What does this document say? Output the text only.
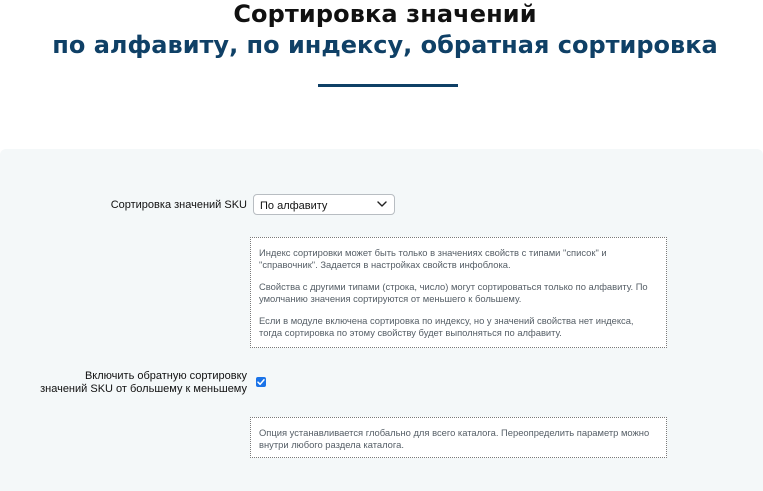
Сортировка значений
по алфавиту, по индексу, обратная сортировка
Сортировка значений SKU	По алфавиту

Индекс сортировки может быть только в значениях свойств с типами "список" и "справочник". Задается в настройках свойств инфоблока.

Свойства с другими типами (строка, число) могут сортироваться только по алфавиту. По умолчанию значения сортируются от меньшего к большему.

Если в модуле включена сортировка по индексу, но у значений свойства нет индекса, тогда сортировка по этому свойству будет выполняться по алфавиту.

Включить обратную сортировку
значений SKU от большему к меньшему

Опция устанавливается глобально для всего каталога. Переопределить параметр можно внутри любого раздела каталога.
